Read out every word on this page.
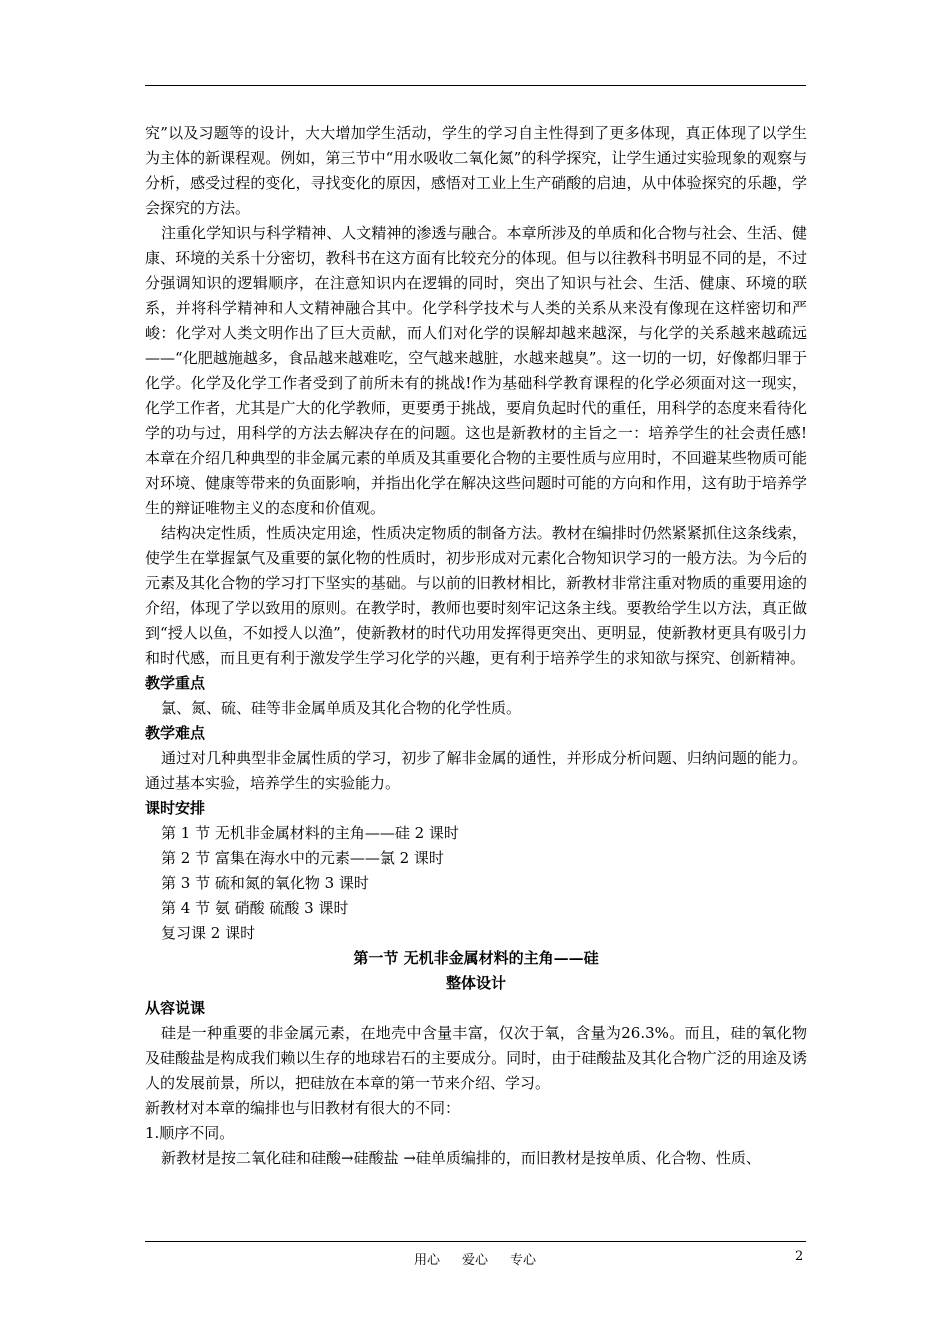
究”以及习题等的设计，大大增加学生活动，学生的学习自主性得到了更多体现，真正体现了以学生为主体的新课程观。例如，第三节中“用水吸收二氧化氮”的科学探究，让学生通过实验现象的观察与分析，感受过程的变化，寻找变化的原因，感悟对工业上生产硝酸的启迪，从中体验探究的乐趣，学会探究的方法。

注重化学知识与科学精神、人文精神的渗透与融合。本章所涉及的单质和化合物与社会、生活、健康、环境的关系十分密切，教科书在这方面有比较充分的体现。但与以往教科书明显不同的是，不过分强调知识的逻辑顺序，在注意知识内在逻辑的同时，突出了知识与社会、生活、健康、环境的联系，并将科学精神和人文精神融合其中。化学科学技术与人类的关系从来没有像现在这样密切和严峻：化学对人类文明作出了巨大贡献，而人们对化学的误解却越来越深，与化学的关系越来越疏远——“化肥越施越多，食品越来越难吃，空气越来越脏，水越来越臭”。这一切的一切，好像都归罪于化学。化学及化学工作者受到了前所未有的挑战!作为基础科学教育课程的化学必须面对这一现实，化学工作者，尤其是广大的化学教师，更要勇于挑战，要肩负起时代的重任，用科学的态度来看待化学的功与过，用科学的方法去解决存在的问题。这也是新教材的主旨之一：培养学生的社会责任感!本章在介绍几种典型的非金属元素的单质及其重要化合物的主要性质与应用时，不回避某些物质可能对环境、健康等带来的负面影响，并指出化学在解决这些问题时可能的方向和作用，这有助于培养学生的辩证唯物主义的态度和价值观。

结构决定性质，性质决定用途，性质决定物质的制备方法。教材在编排时仍然紧紧抓住这条线索，使学生在掌握氯气及重要的氯化物的性质时，初步形成对元素化合物知识学习的一般方法。为今后的元素及其化合物的学习打下坚实的基础。与以前的旧教材相比，新教材非常注重对物质的重要用途的介绍，体现了学以致用的原则。在教学时，教师也要时刻牢记这条主线。要教给学生以方法，真正做到“授人以鱼，不如授人以渔”，使新教材的时代功用发挥得更突出、更明显，使新教材更具有吸引力和时代感，而且更有利于激发学生学习化学的兴趣，更有利于培养学生的求知欲与探究、创新精神。

教学重点

氯、氮、硫、硅等非金属单质及其化合物的化学性质。

教学难点

通过对几种典型非金属性质的学习，初步了解非金属的通性，并形成分析问题、归纳问题的能力。通过基本实验，培养学生的实验能力。

课时安排

第 1 节 无机非金属材料的主角——硅 2 课时

第 2 节 富集在海水中的元素——氯 2 课时

第 3 节 硫和氮的氧化物 3 课时

第 4 节 氨 硝酸 硫酸 3 课时

复习课 2 课时

第一节 无机非金属材料的主角——硅

整体设计

从容说课

硅是一种重要的非金属元素，在地壳中含量丰富，仅次于氧，含量为26.3%。而且，硅的氧化物及硅酸盐是构成我们赖以生存的地球岩石的主要成分。同时，由于硅酸盐及其化合物广泛的用途及诱人的发展前景，所以，把硅放在本章的第一节来介绍、学习。

新教材对本章的编排也与旧教材有很大的不同：

1.顺序不同。

新教材是按二氧化硅和硅酸→硅酸盐 →硅单质编排的，而旧教材是按单质、化合物、性质、

用心 爱心 专心	2
